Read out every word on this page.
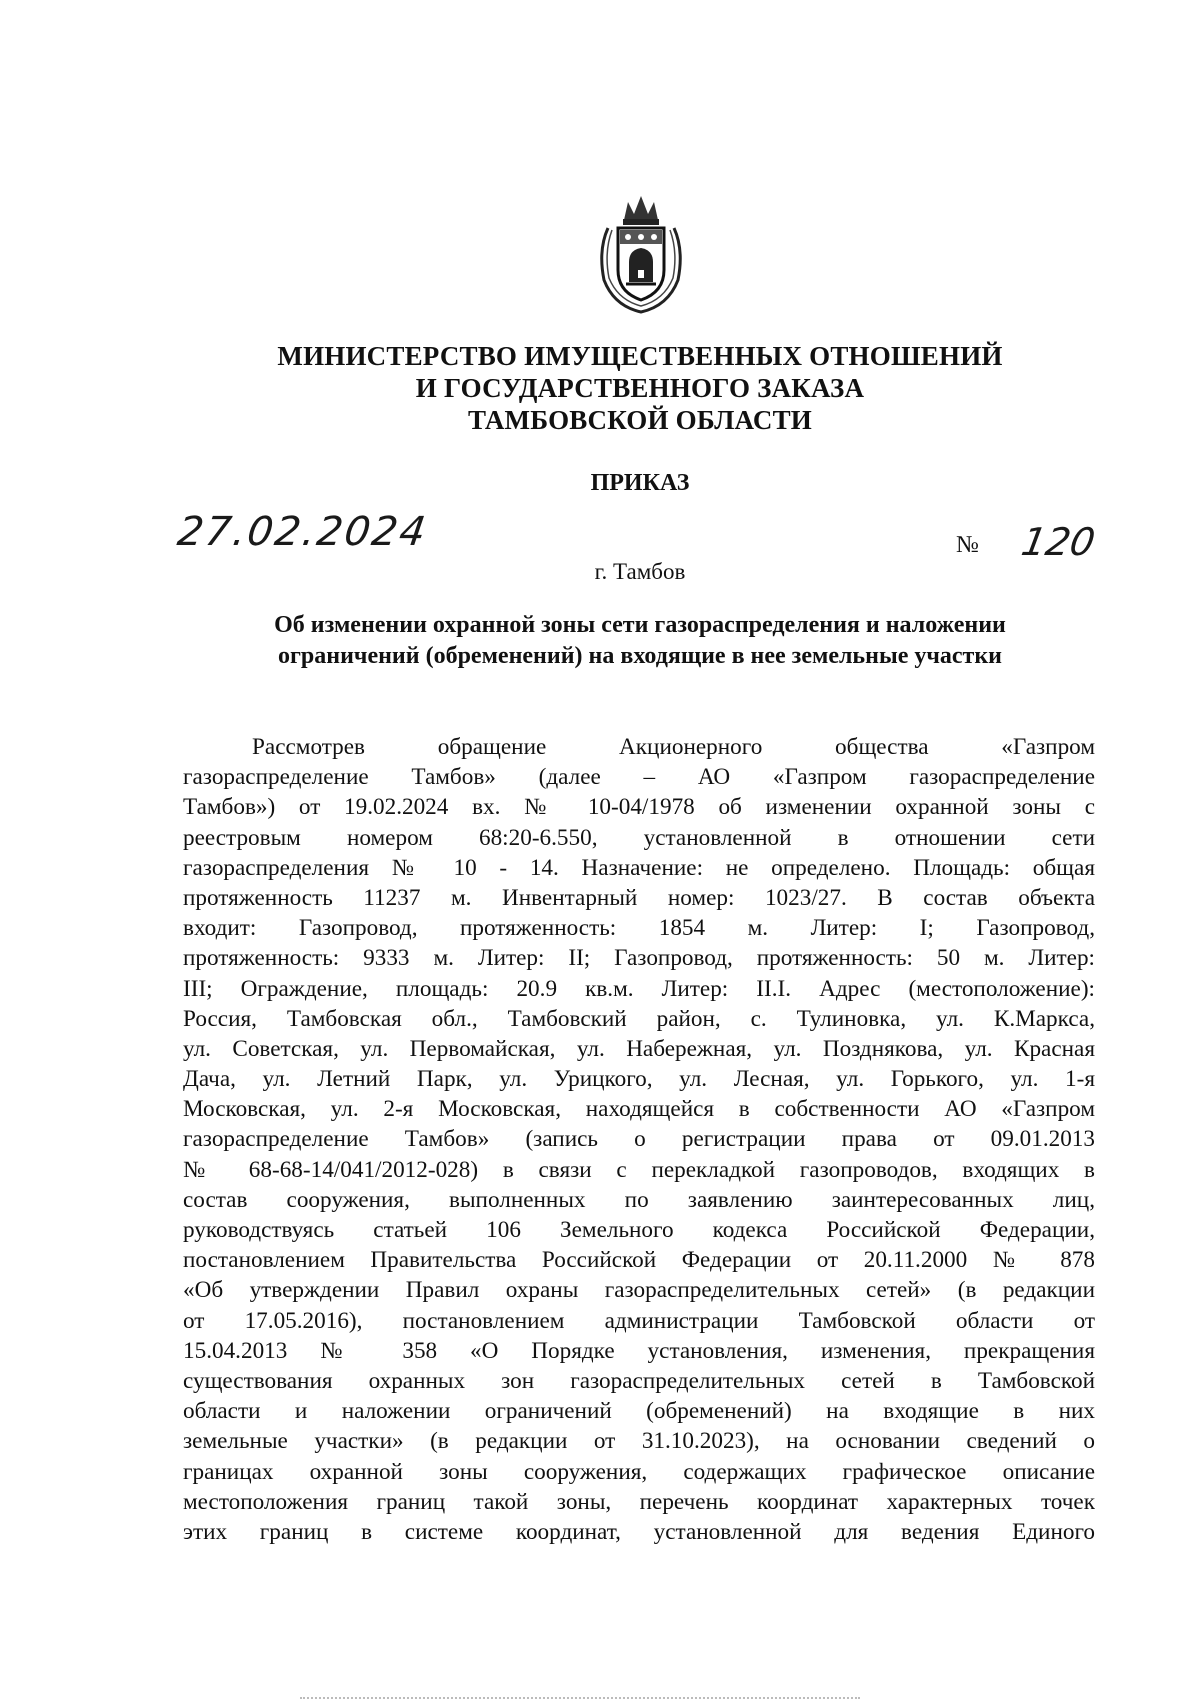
МИНИСТЕРСТВО ИМУЩЕСТВЕННЫХ ОТНОШЕНИЙ
И ГОСУДАРСТВЕННОГО ЗАКАЗА
ТАМБОВСКОЙ ОБЛАСТИ
ПРИКАЗ
27.02.2024	№ 120
г. Тамбов
Об изменении охранной зоны сети газораспределения и наложении
ограничений (обременений) на входящие в нее земельные участки
Рассмотрев обращение Акционерного общества «Газпром
газораспределение Тамбов» (далее – АО «Газпром газораспределение
Тамбов») от 19.02.2024 вх. № 10-04/1978 об изменении охранной зоны с
реестровым номером 68:20-6.550, установленной в отношении сети
газораспределения № 10 - 14. Назначение: не определено. Площадь: общая
протяженность 11237 м. Инвентарный номер: 1023/27. В состав объекта
входит: Газопровод, протяженность: 1854 м. Литер: I; Газопровод,
протяженность: 9333 м. Литер: II; Газопровод, протяженность: 50 м. Литер:
III; Ограждение, площадь: 20.9 кв.м. Литер: II.I. Адрес (местоположение):
Россия, Тамбовская обл., Тамбовский район, с. Тулиновка, ул. К.Маркса,
ул. Советская, ул. Первомайская, ул. Набережная, ул. Позднякова, ул. Красная
Дача, ул. Летний Парк, ул. Урицкого, ул. Лесная, ул. Горького, ул. 1-я
Московская, ул. 2-я Московская, находящейся в собственности АО «Газпром
газораспределение Тамбов» (запись о регистрации права от 09.01.2013
№ 68-68-14/041/2012-028) в связи с перекладкой газопроводов, входящих в
состав сооружения, выполненных по заявлению заинтересованных лиц,
руководствуясь статьей 106 Земельного кодекса Российской Федерации,
постановлением Правительства Российской Федерации от 20.11.2000 № 878
«Об утверждении Правил охраны газораспределительных сетей» (в редакции
от 17.05.2016), постановлением администрации Тамбовской области от
15.04.2013 № 358 «О Порядке установления, изменения, прекращения
существования охранных зон газораспределительных сетей в Тамбовской
области и наложении ограничений (обременений) на входящие в них
земельные участки» (в редакции от 31.10.2023), на основании сведений о
границах охранной зоны сооружения, содержащих графическое описание
местоположения границ такой зоны, перечень координат характерных точек
этих границ в системе координат, установленной для ведения Единого
